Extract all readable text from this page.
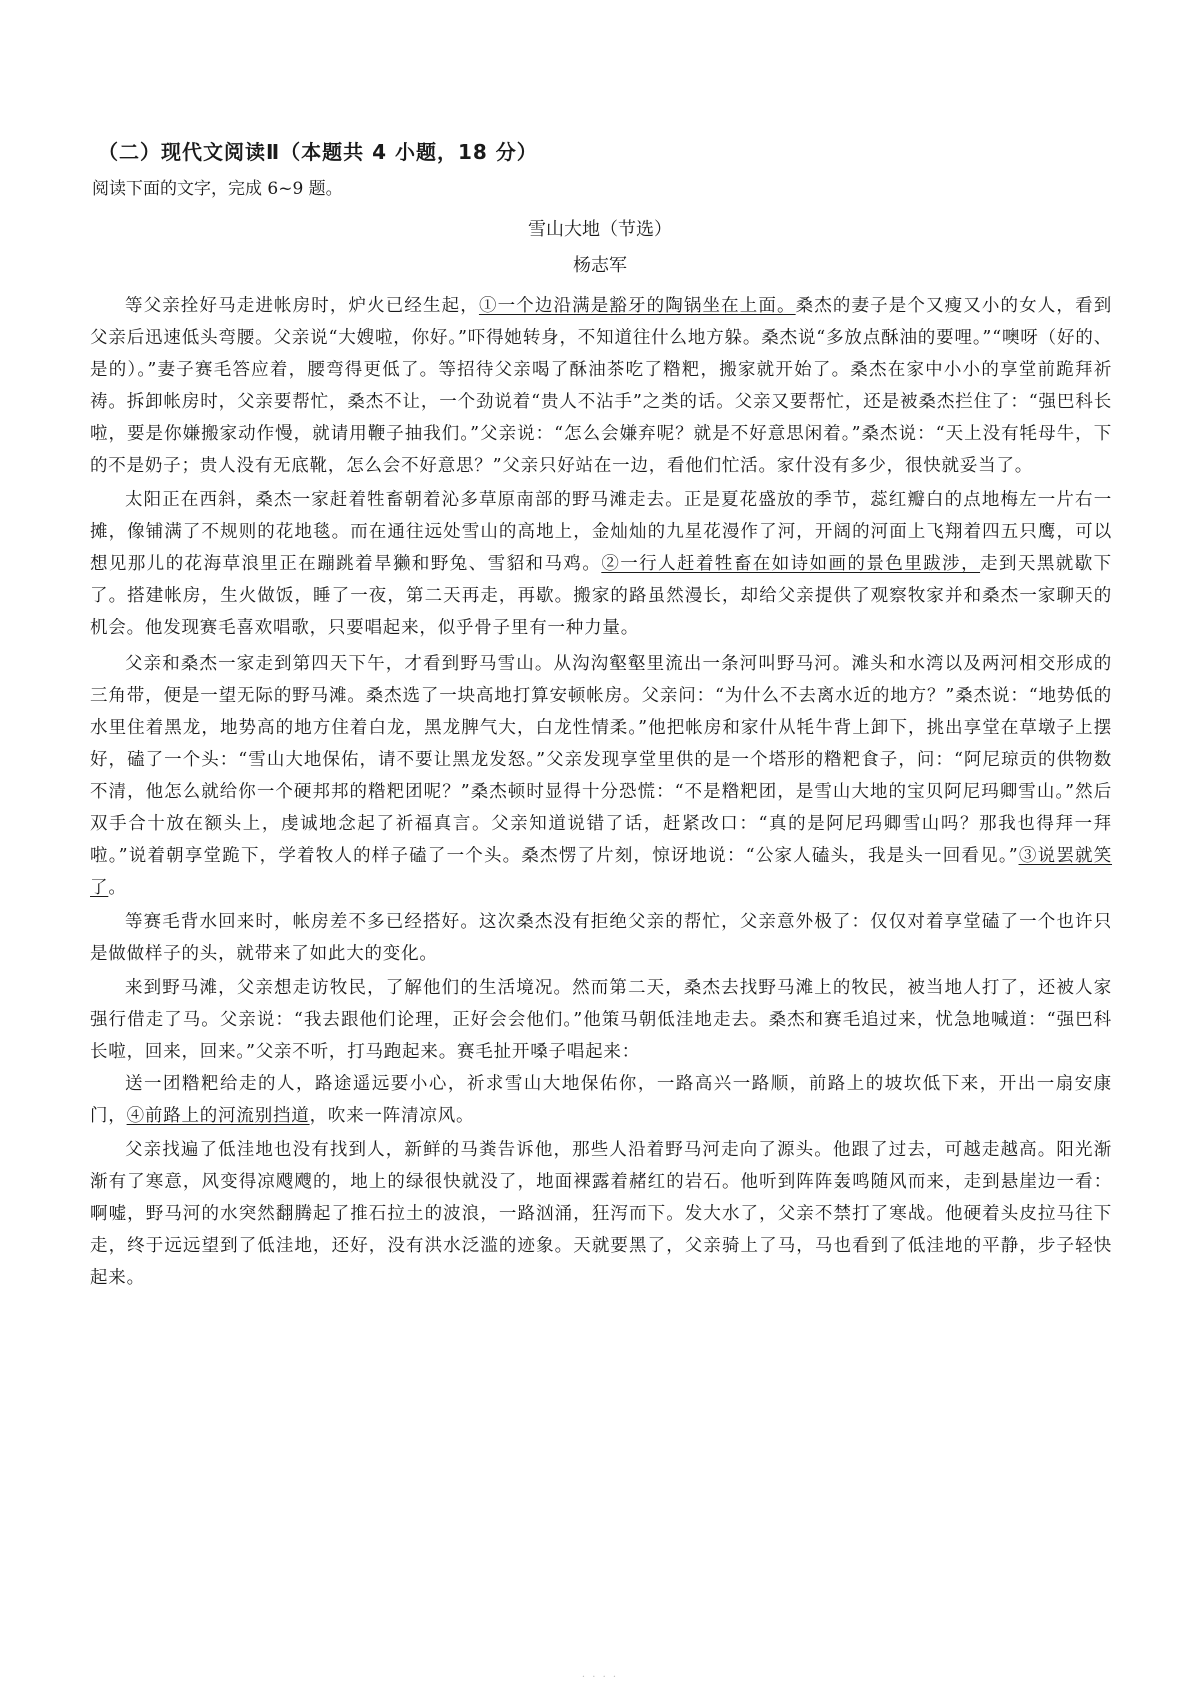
（二）现代文阅读Ⅱ（本题共 4 小题，18 分）

阅读下面的文字，完成 6~9 题。

雪山大地（节选）

杨志军

等父亲拴好马走进帐房时，炉火已经生起，①一个边沿满是豁牙的陶锅坐在上面。桑杰的妻子是个又瘦又小的女人，看到父亲后迅速低头弯腰。父亲说“大嫂啦，你好。”吓得她转身，不知道往什么地方躲。桑杰说“多放点酥油的要哩。”“噢呀（好的、是的）。”妻子赛毛答应着，腰弯得更低了。等招待父亲喝了酥油茶吃了糌粑，搬家就开始了。桑杰在家中小小的享堂前跪拜祈祷。拆卸帐房时，父亲要帮忙，桑杰不让，一个劲说着“贵人不沾手”之类的话。父亲又要帮忙，还是被桑杰拦住了：“强巴科长啦，要是你嫌搬家动作慢，就请用鞭子抽我们。”父亲说：“怎么会嫌弃呢？就是不好意思闲着。”桑杰说：“天上没有牦母牛，下的不是奶子；贵人没有无底靴，怎么会不好意思？”父亲只好站在一边，看他们忙活。家什没有多少，很快就妥当了。

太阳正在西斜，桑杰一家赶着牲畜朝着沁多草原南部的野马滩走去。正是夏花盛放的季节，蕊红瓣白的点地梅左一片右一摊，像铺满了不规则的花地毯。而在通往远处雪山的高地上，金灿灿的九星花漫作了河，开阔的河面上飞翔着四五只鹰，可以想见那儿的花海草浪里正在蹦跳着旱獭和野兔、雪貂和马鸡。②一行人赶着牲畜在如诗如画的景色里跋涉，走到天黑就歇下了。搭建帐房，生火做饭，睡了一夜，第二天再走，再歇。搬家的路虽然漫长，却给父亲提供了观察牧家并和桑杰一家聊天的机会。他发现赛毛喜欢唱歌，只要唱起来，似乎骨子里有一种力量。

父亲和桑杰一家走到第四天下午，才看到野马雪山。从沟沟壑壑里流出一条河叫野马河。滩头和水湾以及两河相交形成的三角带，便是一望无际的野马滩。桑杰选了一块高地打算安顿帐房。父亲问：“为什么不去离水近的地方？”桑杰说：“地势低的水里住着黑龙，地势高的地方住着白龙，黑龙脾气大，白龙性情柔。”他把帐房和家什从牦牛背上卸下，挑出享堂在草墩子上摆好，磕了一个头：“雪山大地保佑，请不要让黑龙发怒。”父亲发现享堂里供的是一个塔形的糌粑食子，问：“阿尼琼贡的供物数不清，他怎么就给你一个硬邦邦的糌粑团呢？”桑杰顿时显得十分恐慌：“不是糌粑团，是雪山大地的宝贝阿尼玛卿雪山。”然后双手合十放在额头上，虔诚地念起了祈福真言。父亲知道说错了话，赶紧改口：“真的是阿尼玛卿雪山吗？那我也得拜一拜啦。”说着朝享堂跪下，学着牧人的样子磕了一个头。桑杰愣了片刻，惊讶地说：“公家人磕头，我是头一回看见。”③说罢就笑了。

等赛毛背水回来时，帐房差不多已经搭好。这次桑杰没有拒绝父亲的帮忙，父亲意外极了：仅仅对着享堂磕了一个也许只是做做样子的头，就带来了如此大的变化。

来到野马滩，父亲想走访牧民，了解他们的生活境况。然而第二天，桑杰去找野马滩上的牧民，被当地人打了，还被人家强行借走了马。父亲说：“我去跟他们论理，正好会会他们。”他策马朝低洼地走去。桑杰和赛毛追过来，忧急地喊道：“强巴科长啦，回来，回来。”父亲不听，打马跑起来。赛毛扯开嗓子唱起来：

送一团糌粑给走的人，路途遥远要小心，祈求雪山大地保佑你，一路高兴一路顺，前路上的坡坎低下来，开出一扇安康门，④前路上的河流别挡道，吹来一阵清凉风。

父亲找遍了低洼地也没有找到人，新鲜的马粪告诉他，那些人沿着野马河走向了源头。他跟了过去，可越走越高。阳光渐渐有了寒意，风变得凉飕飕的，地上的绿很快就没了，地面裸露着赭红的岩石。他听到阵阵轰鸣随风而来，走到悬崖边一看：啊嘘，野马河的水突然翻腾起了推石拉土的波浪，一路汹涌，狂泻而下。发大水了，父亲不禁打了寒战。他硬着头皮拉马往下走，终于远远望到了低洼地，还好，没有洪水泛滥的迹象。天就要黑了，父亲骑上了马，马也看到了低洼地的平静，步子轻快起来。

· · · ·
